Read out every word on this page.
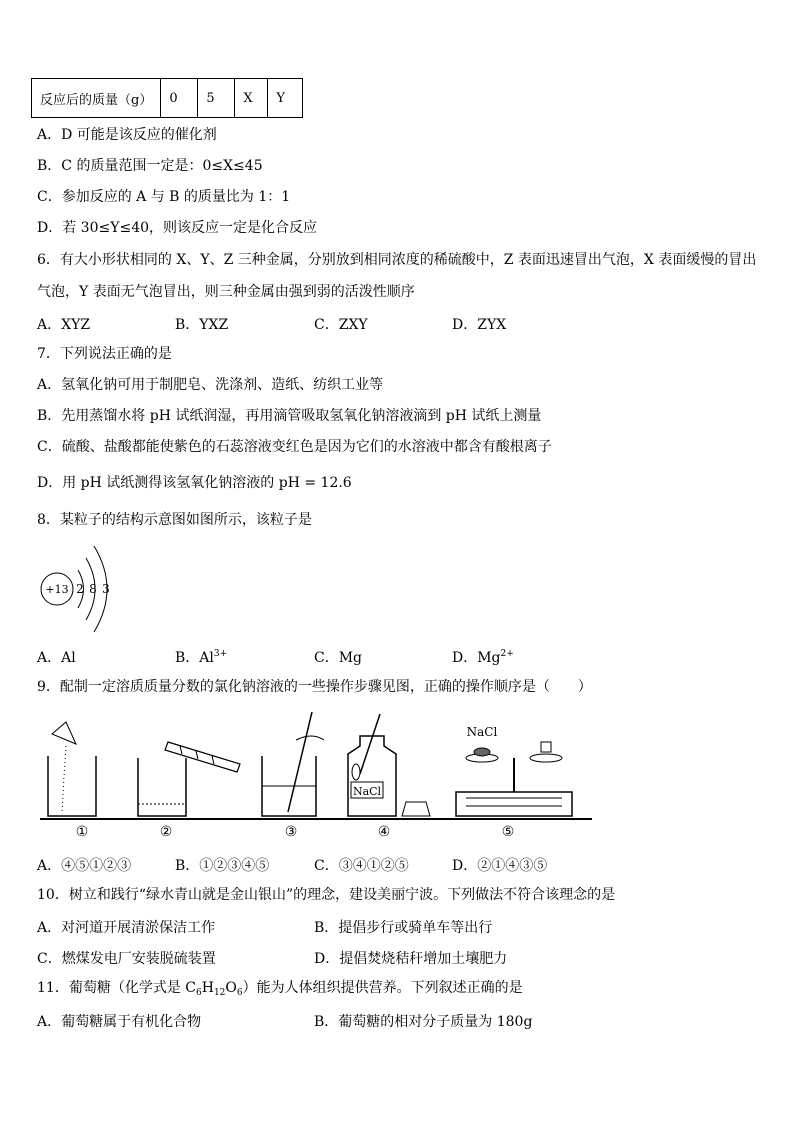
反应后的质量（g）	0	5	X	Y
A．D 可能是该反应的催化剂
B．C 的质量范围一定是：0≤X≤45
C．参加反应的 A 与 B 的质量比为 1：1
D．若 30≤Y≤40，则该反应一定是化合反应
6．有大小形状相同的 X、Y、Z 三种金属，分别放到相同浓度的稀硫酸中，Z 表面迅速冒出气泡，X 表面缓慢的冒出
气泡，Y 表面无气泡冒出，则三种金属由强到弱的活泼性顺序
A．XYZ	B．YXZ	C．ZXY	D．ZYX
7．下列说法正确的是
A．氢氧化钠可用于制肥皂、洗涤剂、造纸、纺织工业等
B．先用蒸馏水将 pH 试纸润湿，再用滴管吸取氢氧化钠溶液滴到 pH 试纸上测量
C．硫酸、盐酸都能使紫色的石蕊溶液变红色是因为它们的水溶液中都含有酸根离子
D．用 pH 试纸测得该氢氧化钠溶液的 pH = 12.6
8．某粒子的结构示意图如图所示，该粒子是
+13 2 8 3
A．Al	B．$Al^{3+}$	C．Mg	D．$Mg^{2+}$
9．配制一定溶质质量分数的氯化钠溶液的一些操作步骤见图，正确的操作顺序是（　　）
NaCl
NaCl
①	②	③	④	⑤
A．④⑤①②③	B．①②③④⑤	C．③④①②⑤	D．②①④③⑤
10．树立和践行“绿水青山就是金山银山”的理念，建设美丽宁波。下列做法不符合该理念的是
A．对河道开展清淤保洁工作	B．提倡步行或骑单车等出行
C．燃煤发电厂安装脱硫装置	D．提倡焚烧秸秆增加土壤肥力
11．葡萄糖（化学式是 $C_6H_{12}O_6$）能为人体组织提供营养。下列叙述正确的是
A．葡萄糖属于有机化合物	B．葡萄糖的相对分子质量为 180g
